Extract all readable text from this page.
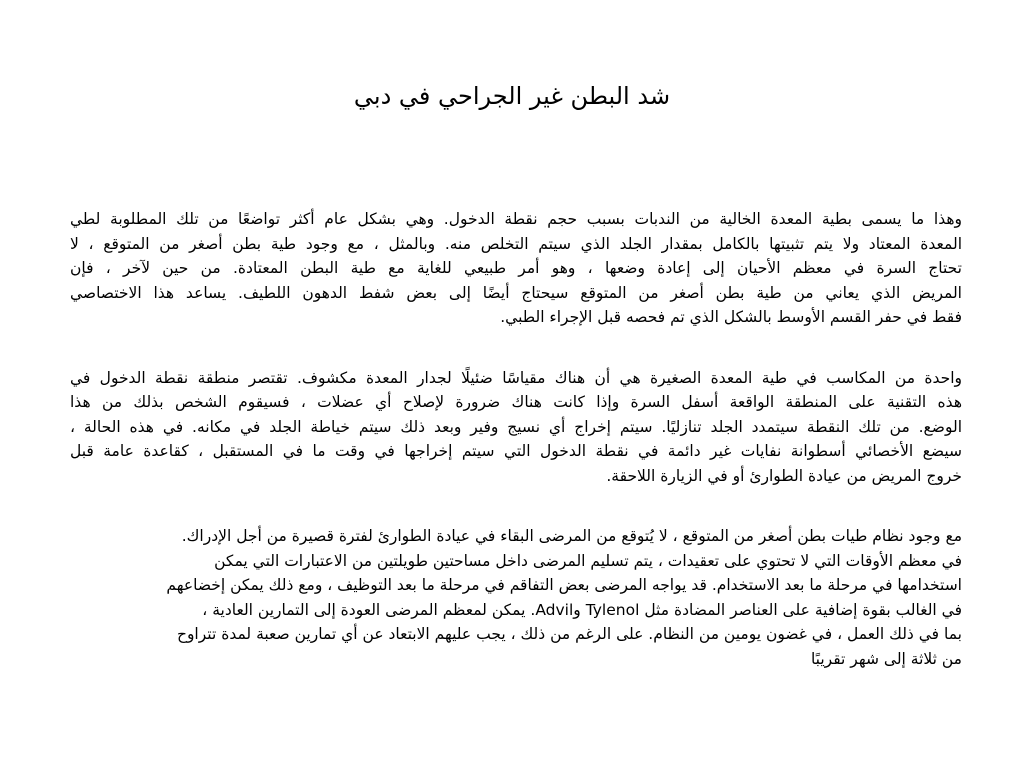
شد البطن غير الجراحي في دبي
وهذا ما يسمى بطية المعدة الخالية من الندبات بسبب حجم نقطة الدخول. وهي بشكل عام أكثر تواضعًا من تلك المطلوبة لطي
المعدة المعتاد ولا يتم تثبيتها بالكامل بمقدار الجلد الذي سيتم التخلص منه. وبالمثل ، مع وجود طية بطن أصغر من المتوقع ، لا
تحتاج السرة في معظم الأحيان إلى إعادة وضعها ، وهو أمر طبيعي للغاية مع طية البطن المعتادة. من حين لآخر ، فإن
المريض الذي يعاني من طية بطن أصغر من المتوقع سيحتاج أيضًا إلى بعض شفط الدهون اللطيف. يساعد هذا الاختصاصي
فقط في حفر القسم الأوسط بالشكل الذي تم فحصه قبل الإجراء الطبي.
واحدة من المكاسب في طية المعدة الصغيرة هي أن هناك مقياسًا ضئيلًا لجدار المعدة مكشوف. تقتصر منطقة نقطة الدخول في
هذه التقنية على المنطقة الواقعة أسفل السرة وإذا كانت هناك ضرورة لإصلاح أي عضلات ، فسيقوم الشخص بذلك من هذا
الوضع. من تلك النقطة سيتمدد الجلد تنازليًا. سيتم إخراج أي نسيج وفير وبعد ذلك سيتم خياطة الجلد في مكانه. في هذه الحالة ،
سيضع الأخصائي أسطوانة نفايات غير دائمة في نقطة الدخول التي سيتم إخراجها في وقت ما في المستقبل ، كقاعدة عامة قبل
خروج المريض من عيادة الطوارئ أو في الزيارة اللاحقة.
مع وجود نظام طيات بطن أصغر من المتوقع ، لا يُتوقع من المرضى البقاء في عيادة الطوارئ لفترة قصيرة من أجل الإدراك.
في معظم الأوقات التي لا تحتوي على تعقيدات ، يتم تسليم المرضى داخل مساحتين طويلتين من الاعتبارات التي يمكن
استخدامها في مرحلة ما بعد الاستخدام. قد يواجه المرضى بعض التفاقم في مرحلة ما بعد التوظيف ، ومع ذلك يمكن إخضاعهم
في الغالب بقوة إضافية على العناصر المضادة مثل Tylenol وAdvil. يمكن لمعظم المرضى العودة إلى التمارين العادية ،
بما في ذلك العمل ، في غضون يومين من النظام. على الرغم من ذلك ، يجب عليهم الابتعاد عن أي تمارين صعبة لمدة تتراوح
من ثلاثة إلى شهر تقريبًا
